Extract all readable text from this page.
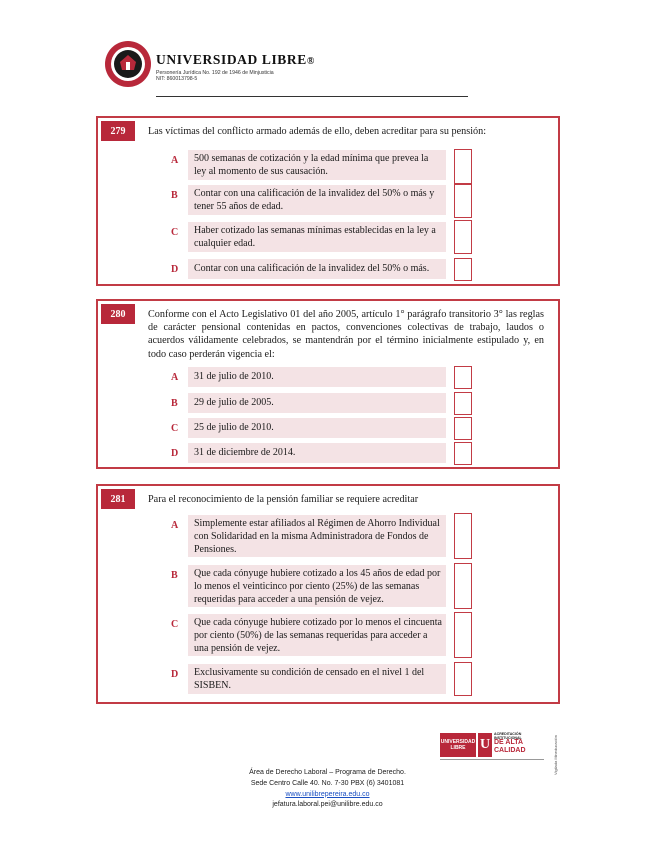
UNIVERSIDAD LIBRE®
Personería Jurídica No. 192 de 1946 de Minjusticia
NIT: 860013798-5
279	Las víctimas del conflicto armado además de ello, deben acreditar para su pensión:
A	500 semanas de cotización y la edad mínima que prevea la ley al momento de sus causación.
B	Contar con una calificación de la invalidez del 50% o más y tener 55 años de edad.
C	Haber cotizado las semanas mínimas establecidas en la ley a cualquier edad.
D	Contar con una calificación de la invalidez del 50% o más.
280	Conforme con el Acto Legislativo 01 del año 2005, artículo 1° parágrafo transitorio 3° las reglas de carácter pensional contenidas en pactos, convenciones colectivas de trabajo, laudos o acuerdos válidamente celebrados, se mantendrán por el término inicialmente estipulado y, en todo caso perderán vigencia el:
A	31 de julio de 2010.
B	29 de julio de 2005.
C	25 de julio de 2010.
D	31 de diciembre de 2014.
281	Para el reconocimiento de la pensión familiar se requiere acreditar
A	Simplemente estar afiliados al Régimen de Ahorro Individual con Solidaridad en la misma Administradora de Fondos de Pensiones.
B	Que cada cónyuge hubiere cotizado a los 45 años de edad por lo menos el veinticinco por ciento (25%) de las semanas requeridas para acceder a una pensión de vejez.
C	Que cada cónyuge hubiere cotizado por lo menos el cincuenta por ciento (50%) de las semanas requeridas para acceder a una pensión de vejez.
D	Exclusivamente su condición de censado en el nivel 1 del SISBEN.
UNIVERSIDAD LIBRE	U
ACREDITACIÓN INSTITUCIONAL
DE ALTA CALIDAD	Vigilada Mineducación
Área de Derecho Laboral – Programa de Derecho.
Sede Centro Calle 40. No. 7-30 PBX (6) 3401081
www.unilibrepereira.edu.co
jefatura.laboral.pei@unilibre.edu.co
